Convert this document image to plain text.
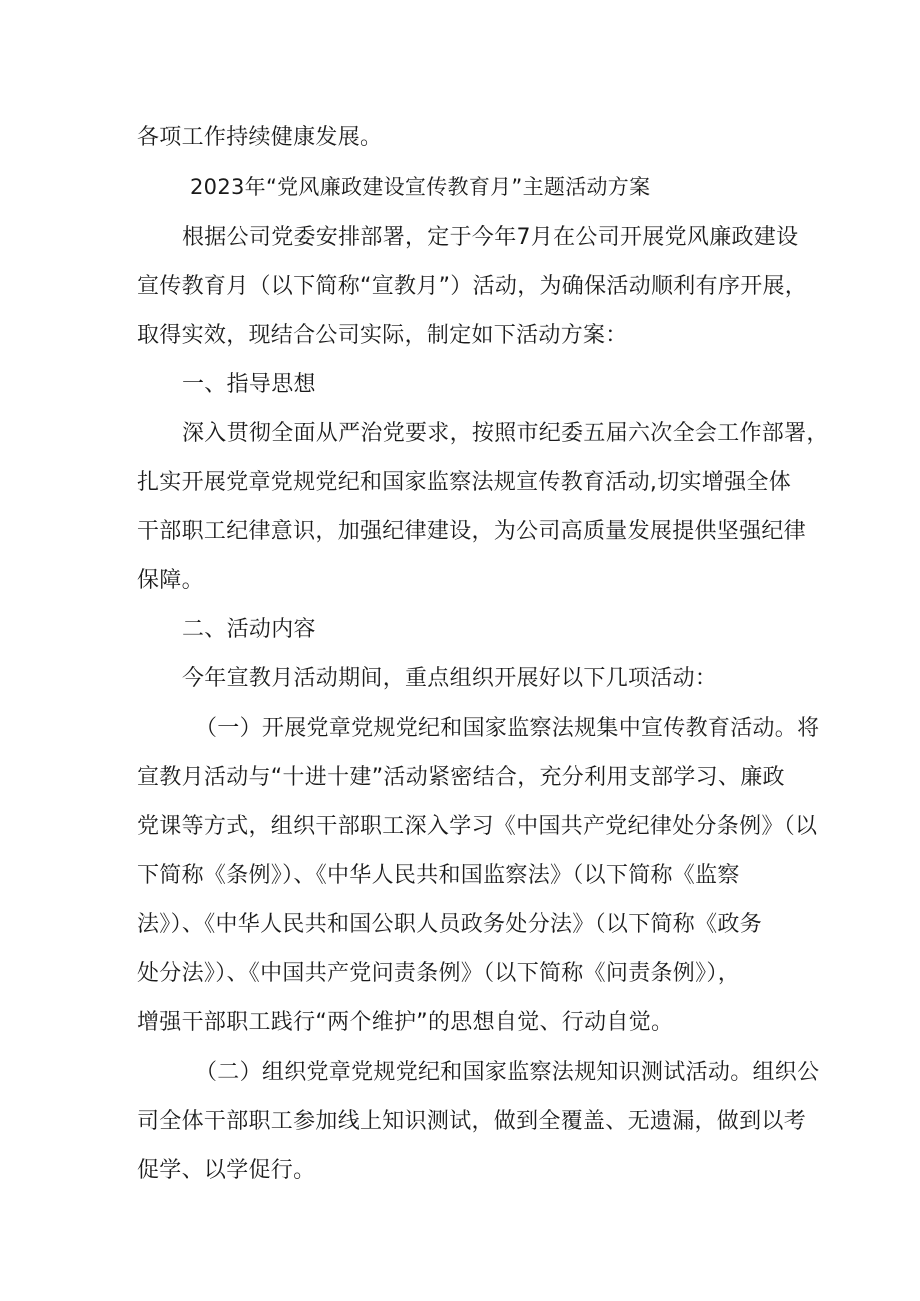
各项工作持续健康发展。
2023年“党风廉政建设宣传教育月”主题活动方案
根据公司党委安排部署，定于今年7月在公司开展党风廉政建设
宣传教育月（以下简称“宣教月”）活动，为确保活动顺利有序开展，
取得实效，现结合公司实际，制定如下活动方案：
一、指导思想
深入贯彻全面从严治党要求，按照市纪委五届六次全会工作部署，
扎实开展党章党规党纪和国家监察法规宣传教育活动,切实增强全体
干部职工纪律意识，加强纪律建设，为公司高质量发展提供坚强纪律
保障。
二、活动内容
今年宣教月活动期间，重点组织开展好以下几项活动：
（一）开展党章党规党纪和国家监察法规集中宣传教育活动。将
宣教月活动与“十进十建”活动紧密结合，充分利用支部学习、廉政
党课等方式，组织干部职工深入学习《中国共产党纪律处分条例》（以
下简称《条例》）、《中华人民共和国监察法》（以下简称《监察
法》）、《中华人民共和国公职人员政务处分法》（以下简称《政务
处分法》）、《中国共产党问责条例》（以下简称《问责条例》），
增强干部职工践行“两个维护”的思想自觉、行动自觉。
（二）组织党章党规党纪和国家监察法规知识测试活动。组织公
司全体干部职工参加线上知识测试，做到全覆盖、无遗漏，做到以考
促学、以学促行。
